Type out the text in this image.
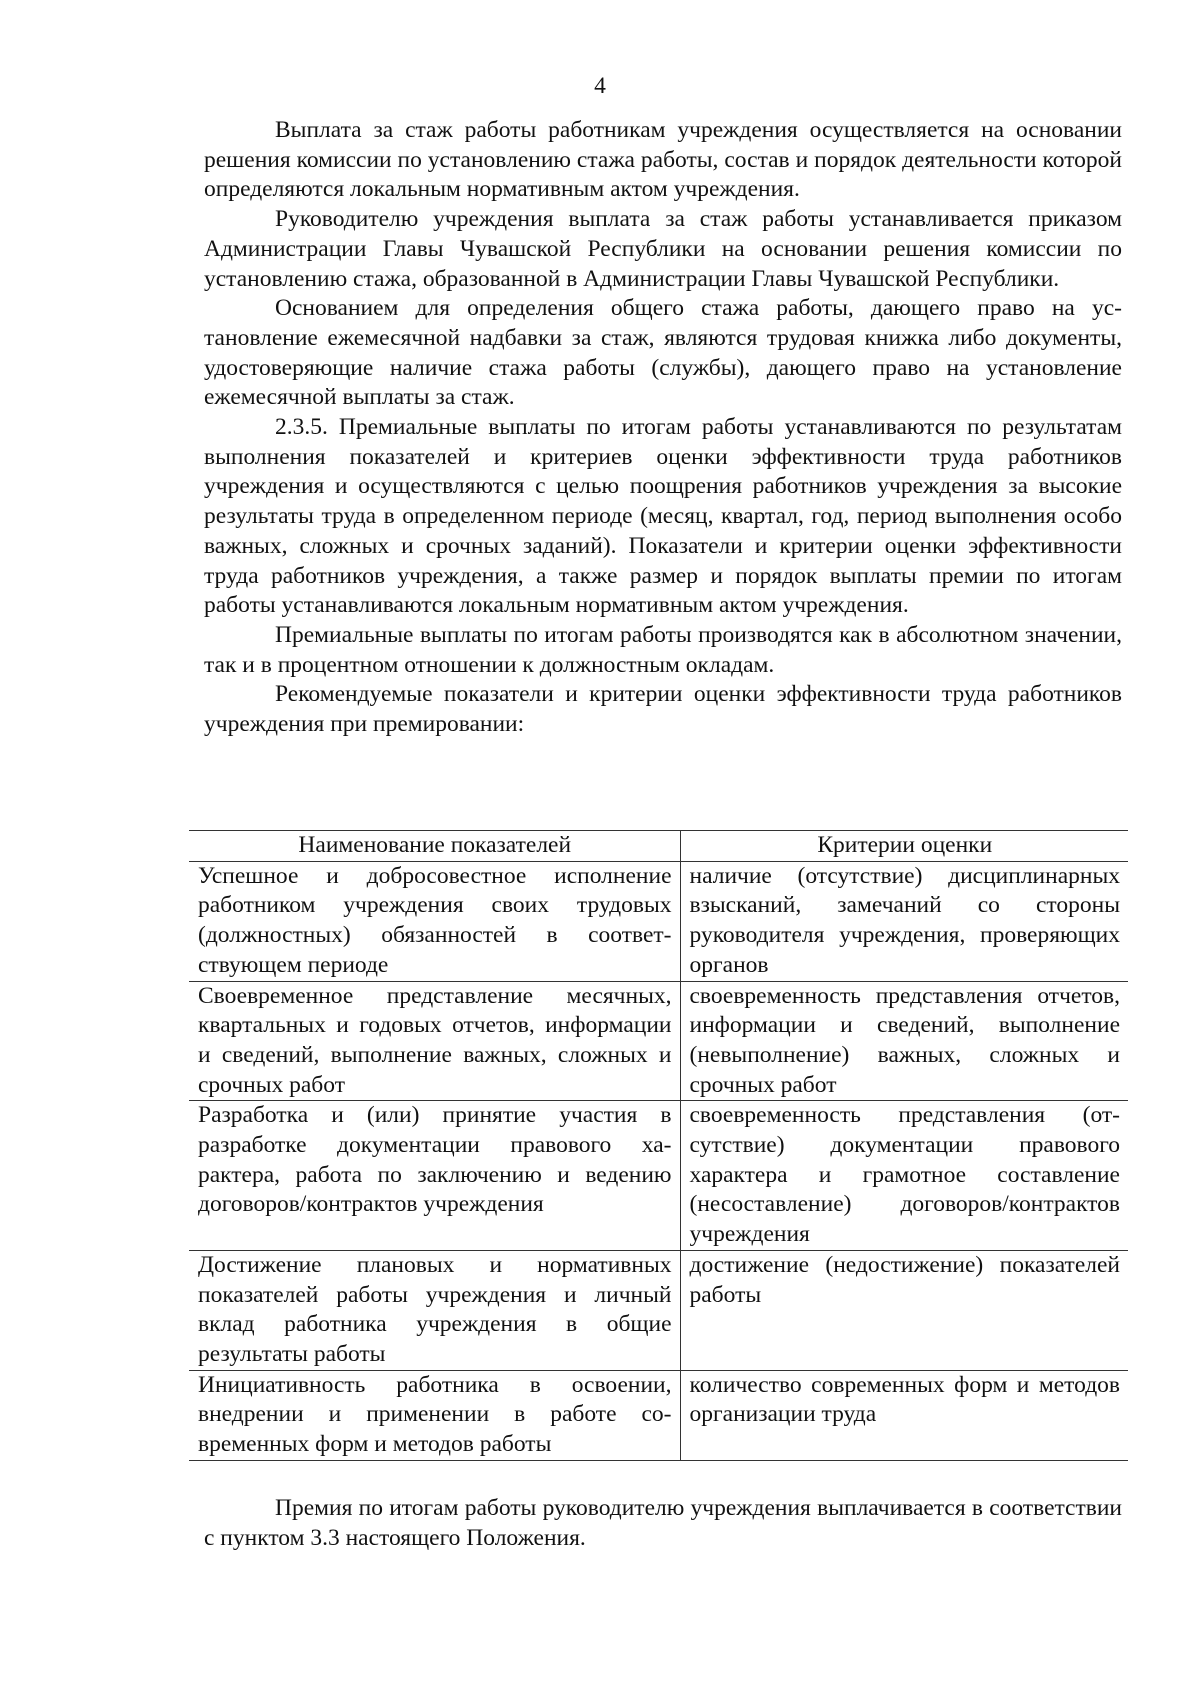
4

Выплата за стаж работы работникам учреждения осуществляется на основании решения комиссии по установлению стажа работы, состав и порядок деятельности которой определяются локальным нормативным актом учреждения.

Руководителю учреждения выплата за стаж работы устанавливается приказом Администрации Главы Чувашской Республики на основании решения комиссии по установлению стажа, образованной в Администрации Главы Чувашской Республики.

Основанием для определения общего стажа работы, дающего право на установление ежемесячной надбавки за стаж, являются трудовая книжка либо документы, удостоверяющие наличие стажа работы (службы), дающего право на установление ежемесячной выплаты за стаж.

2.3.5. Премиальные выплаты по итогам работы устанавливаются по результатам выполнения показателей и критериев оценки эффективности труда работников учреждения и осуществляются с целью поощрения работников учреждения за высокие результаты труда в определенном периоде (месяц, квартал, год, период выполнения особо важных, сложных и срочных заданий). Показатели и критерии оценки эффективности труда работников учреждения, а также размер и порядок выплаты премии по итогам работы устанавливаются локальным нормативным актом учреждения.

Премиальные выплаты по итогам работы производятся как в абсолютном значении, так и в процентном отношении к должностным окладам.

Рекомендуемые показатели и критерии оценки эффективности труда работников учреждения при премировании:

Наименование показателей	Критерии оценки
Успешное и добросовестное исполнение работником учреждения своих трудовых (должностных) обязанностей в соответствующем периоде	наличие (отсутствие) дисциплинарных взысканий, замечаний со стороны руководителя учреждения, проверяющих органов
Своевременное представление месячных, квартальных и годовых отчетов, информации и сведений, выполнение важных, сложных и срочных работ	своевременность представления отчетов, информации и сведений, выполнение (невыполнение) важных, сложных и срочных работ
Разработка и (или) принятие участия в разработке документации правового характера, работа по заключению и ведению договоров/контрактов учреждения	своевременность представления (отсутствие) документации правового характера и грамотное составление (несоставление) договоров/контрактов учреждения
Достижение плановых и нормативных показателей работы учреждения и личный вклад работника учреждения в общие результаты работы	достижение (недостижение) показателей работы
Инициативность работника в освоении, внедрении и применении в работе современных форм и методов работы	количество современных форм и методов организации труда

Премия по итогам работы руководителю учреждения выплачивается в соответствии с пунктом 3.3 настоящего Положения.
